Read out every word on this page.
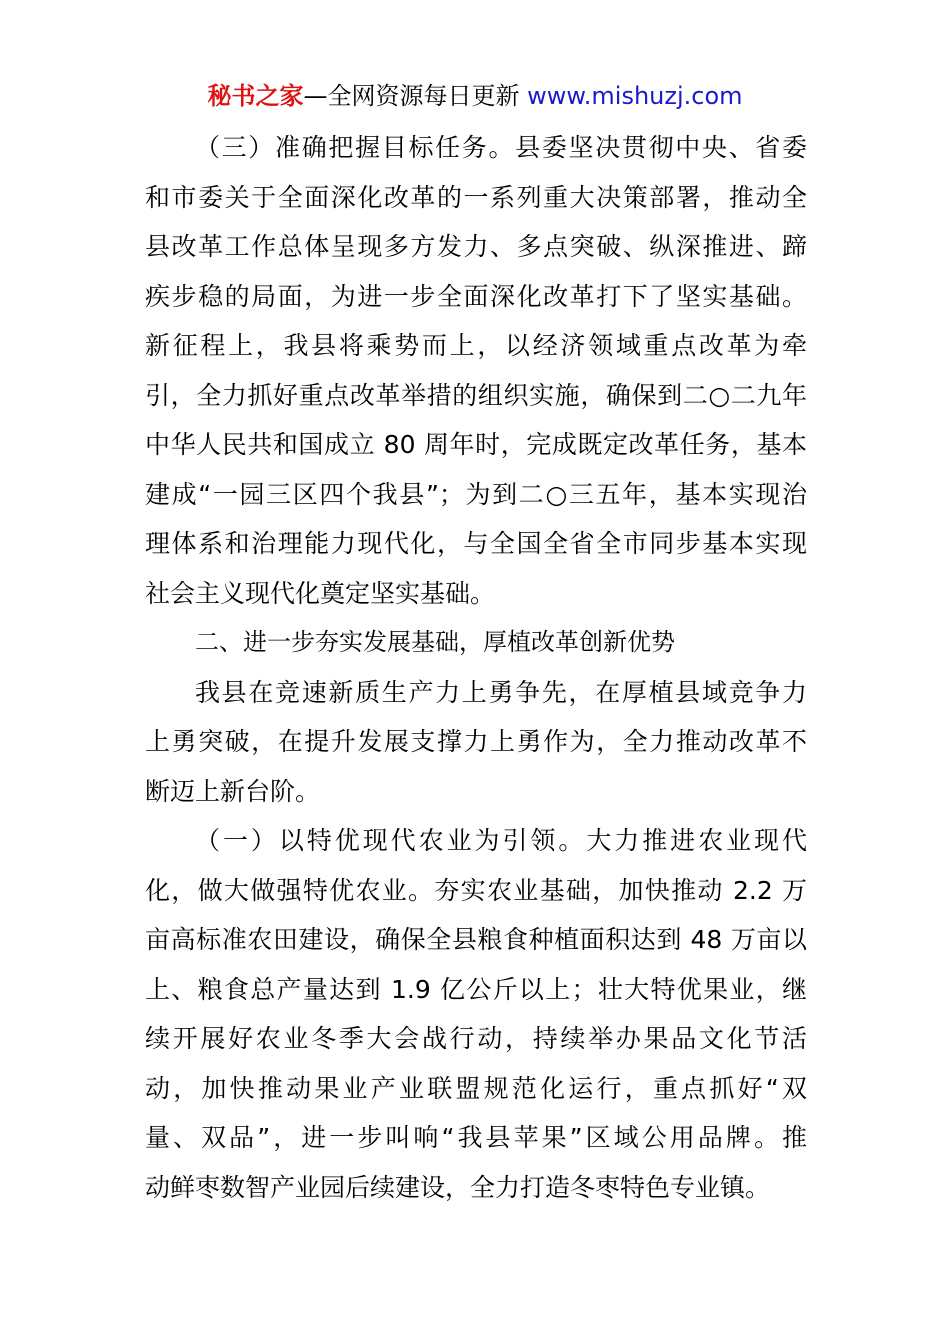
秘书之家—全网资源每日更新 www.mishuzj.com

（三）准确把握目标任务。县委坚决贯彻中央、省委
和市委关于全面深化改革的一系列重大决策部署，推动全
县改革工作总体呈现多方发力、多点突破、纵深推进、蹄
疾步稳的局面，为进一步全面深化改革打下了坚实基础。
新征程上，我县将乘势而上，以经济领域重点改革为牵
引，全力抓好重点改革举措的组织实施，确保到二○二九年
中华人民共和国成立 80 周年时，完成既定改革任务，基本
建成“一园三区四个我县”；为到二○三五年，基本实现治
理体系和治理能力现代化，与全国全省全市同步基本实现
社会主义现代化奠定坚实基础。

二、进一步夯实发展基础，厚植改革创新优势

我县在竞速新质生产力上勇争先，在厚植县域竞争力
上勇突破，在提升发展支撑力上勇作为，全力推动改革不
断迈上新台阶。

（一）以特优现代农业为引领。大力推进农业现代
化，做大做强特优农业。夯实农业基础，加快推动 2.2 万
亩高标准农田建设，确保全县粮食种植面积达到 48 万亩以
上、粮食总产量达到 1.9 亿公斤以上；壮大特优果业，继
续开展好农业冬季大会战行动，持续举办果品文化节活
动，加快推动果业产业联盟规范化运行，重点抓好“双
量、双品”，进一步叫响“我县苹果”区域公用品牌。推
动鲜枣数智产业园后续建设，全力打造冬枣特色专业镇。
